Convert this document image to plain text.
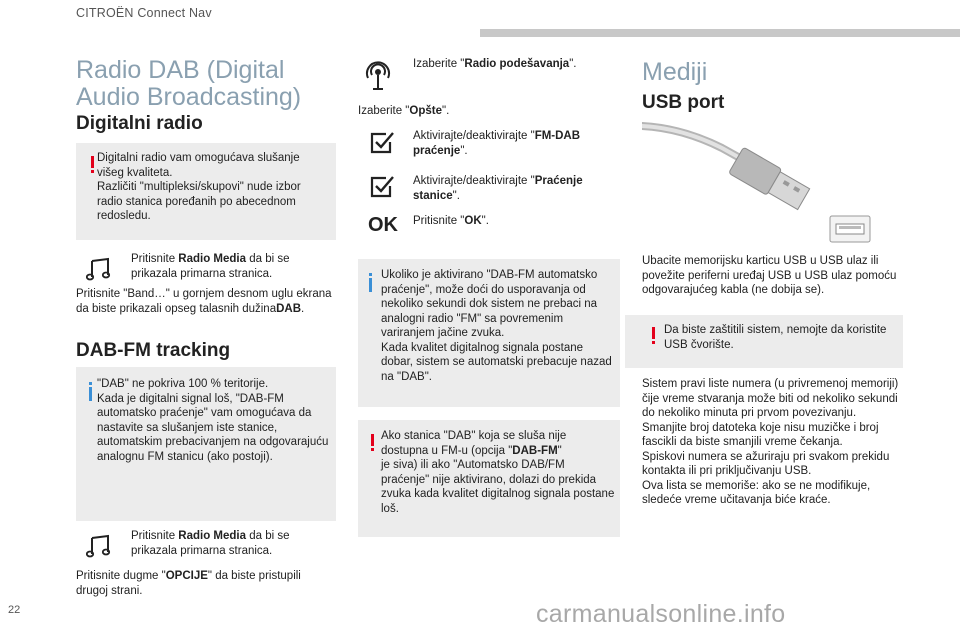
CITROËN Connect Nav
Radio DAB (Digital Audio Broadcasting)
Digitalni radio
Digitalni radio vam omogućava slušanje višeg kvaliteta.
Različiti "multipleksi/skupovi" nude izbor radio stanica poređanih po abecednom redosledu.
Pritisnite Radio Media da bi se prikazala primarna stranica.
Pritisnite "Band…" u gornjem desnom uglu ekrana da biste prikazali opseg talasnih dužinaDAB.
DAB-FM tracking
"DAB" ne pokriva 100 % teritorije.
Kada je digitalni signal loš, "DAB-FM automatsko praćenje" vam omogućava da nastavite sa slušanjem iste stanice, automatskim prebacivanjem na odgovarajuću analognu FM stanicu (ako postoji).
Pritisnite Radio Media da bi se prikazala primarna stranica.
Pritisnite dugme "OPCIJE" da biste pristupili drugoj strani.
Izaberite "Radio podešavanja".
Izaberite "Opšte".
Aktivirajte/deaktivirajte "FM-DAB praćenje".
Aktivirajte/deaktivirajte "Praćenje stanice".
OK Pritisnite "OK".
Ukoliko je aktivirano "DAB-FM automatsko praćenje", može doći do usporavanja od nekoliko sekundi dok sistem ne prebaci na analogni radio "FM" sa povremenim variranjem jačine zvuka.
Kada kvalitet digitalnog signala postane dobar, sistem se automatski prebacuje nazad na "DAB".
Ako stanica "DAB" koja se sluša nije dostupna u FM-u (opcija "DAB-FM"
je siva) ili ako "Automatsko DAB/FM praćenje" nije aktivirano, dolazi do prekida zvuka kada kvalitet digitalnog signala postane loš.
Mediji
USB port
Ubacite memorijsku karticu USB u USB ulaz ili povežite periferni uređaj USB u USB ulaz pomoću odgovarajućeg kabla (ne dobija se).
Da biste zaštitili sistem, nemojte da koristite USB čvorište.
Sistem pravi liste numera (u privremenoj memoriji) čije vreme stvaranja može biti od nekoliko sekundi do nekoliko minuta pri prvom povezivanju.
Smanjite broj datoteka koje nisu muzičke i broj fascikli da biste smanjili vreme čekanja.
Spiskovi numera se ažuriraju pri svakom prekidu kontakta ili pri priključivanju USB.
Ova lista se memoriše: ako se ne modifikuje, sledeće vreme učitavanja biće kraće.
22	carmanualsonline.info
